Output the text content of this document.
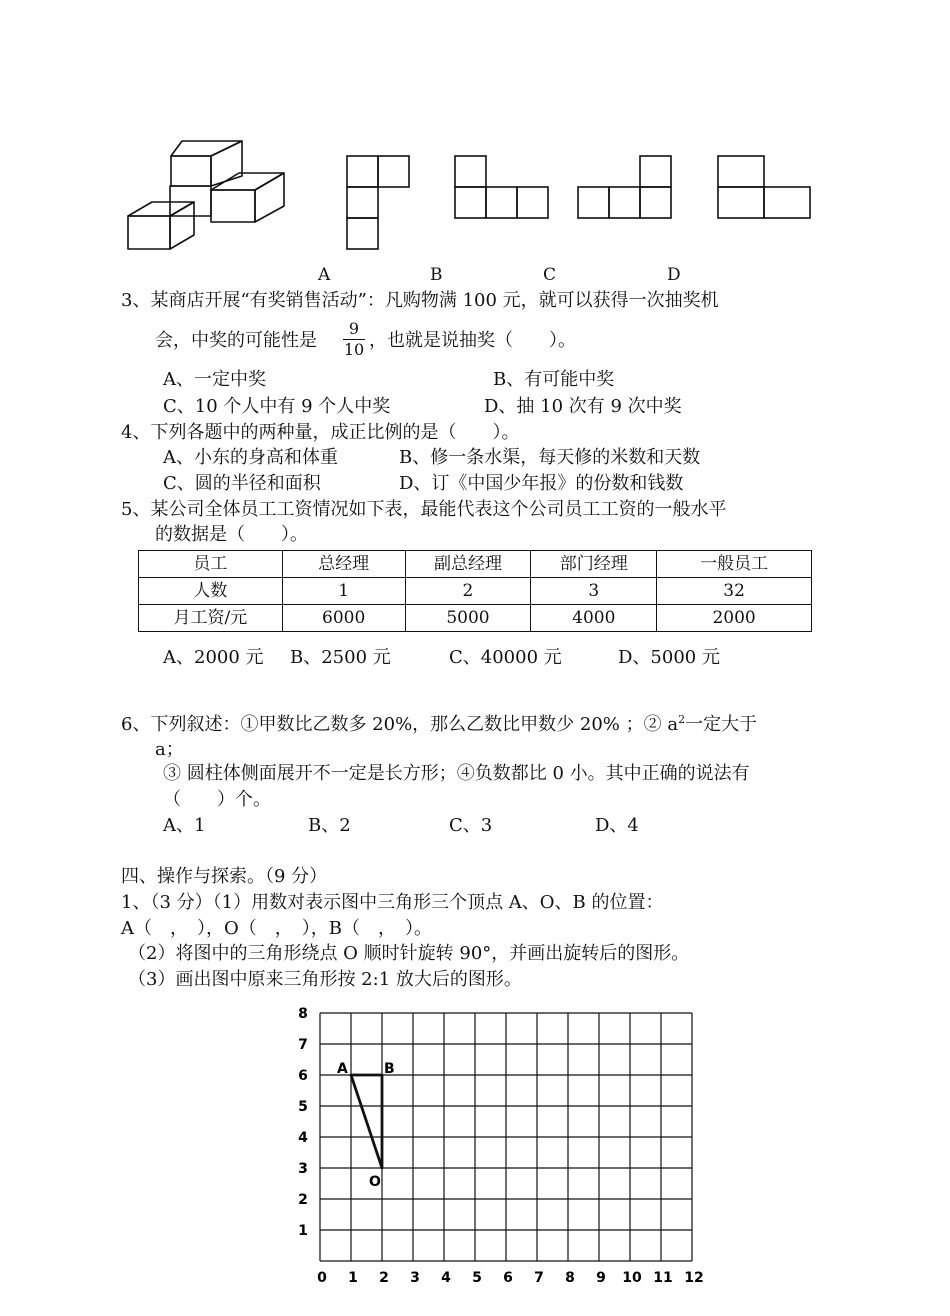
A	B	C	D
3、某商店开展“有奖销售活动”：凡购物满 100 元，就可以获得一次抽奖机
会，中奖的可能性是
9
10 ，也就是说抽奖（　　）。
A、一定中奖	B、有可能中奖
C、10 个人中有 9 个人中奖	D、抽 10 次有 9 次中奖
4、下列各题中的两种量，成正比例的是（　　）。
A、小东的身高和体重	B、修一条水渠，每天修的米数和天数
C、圆的半径和面积	D、订《中国少年报》的份数和钱数
5、某公司全体员工工资情况如下表，最能代表这个公司员工工资的一般水平
的数据是（　　）。
员工	总经理	副总经理	部门经理	一般员工
人数	1	2	3	32
月工资/元	6000	5000	4000	2000
A、2000 元 B、2500 元	C、40000 元	D、5000 元
6、下列叙述：①甲数比乙数多 20%，那么乙数比甲数少 20% ；② $a^2$一定大于
a；
③ 圆柱体侧面展开不一定是长方形；④负数都比 0 小。其中正确的说法有
（　　）个。
A、1	B、2	C、3	D、4
四、操作与探索。（9 分）
1、（3 分）（1）用数对表示图中三角形三个顶点 A、O、B 的位置：
A（　，　），O（　，　），B（　，　）。
（2）将图中的三角形绕点 O 顺时针旋转 90°，并画出旋转后的图形。
（3）画出图中原来三角形按 2:1 放大后的图形。
0 1 2 3 4 5 6 7 8 9 10 11 12
1
2
3
4
5
6
7
8
A	B
O
